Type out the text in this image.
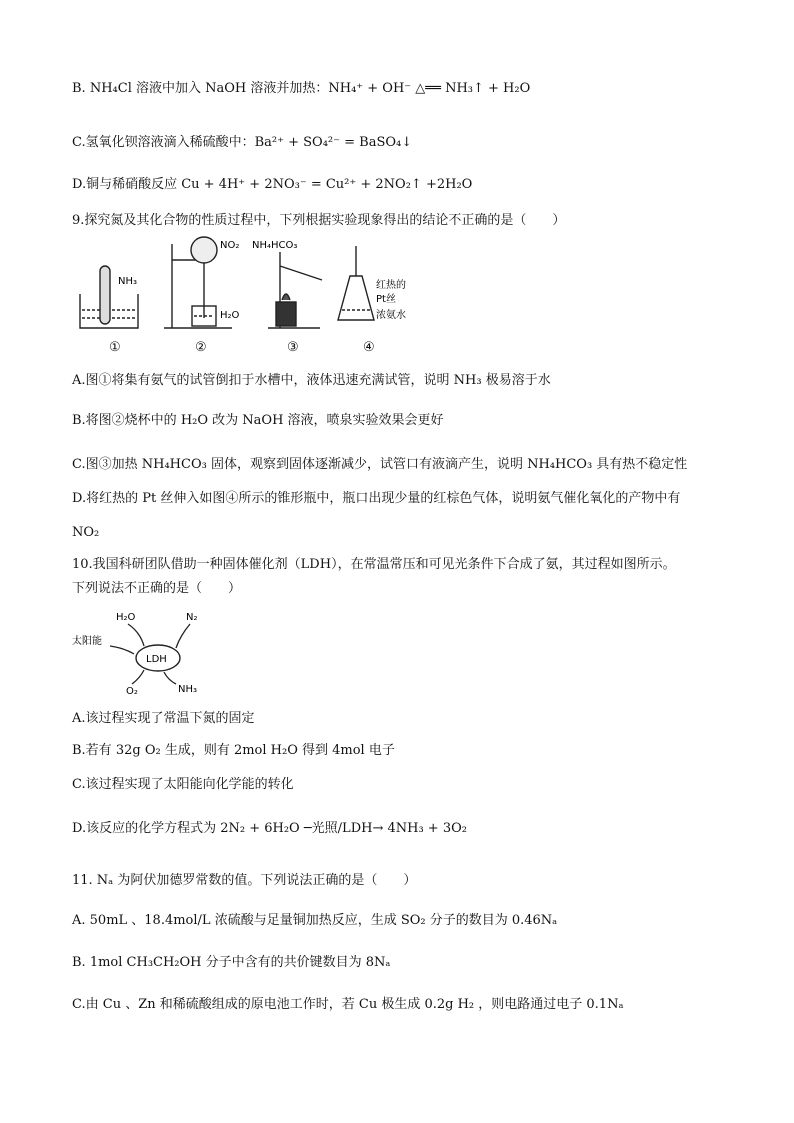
B. NH₄Cl 溶液中加入 NaOH 溶液并加热：NH₄⁺ + OH⁻ △══ NH₃↑ + H₂O
C.氢氧化钡溶液滴入稀硫酸中：Ba²⁺ + SO₄²⁻ = BaSO₄↓
D.铜与稀硝酸反应 Cu + 4H⁺ + 2NO₃⁻ = Cu²⁺ + 2NO₂↑ +2H₂O
9.探究氮及其化合物的性质过程中，下列根据实验现象得出的结论不正确的是（　　）
NH₃
NO₂
H₂O
NH₄HCO₃
红热的
Pt丝
浓氨水
①	②	③	④
A.图①将集有氨气的试管倒扣于水槽中，液体迅速充满试管，说明 NH₃ 极易溶于水
B.将图②烧杯中的 H₂O 改为 NaOH 溶液，喷泉实验效果会更好
C.图③加热 NH₄HCO₃ 固体，观察到固体逐渐减少，试管口有液滴产生，说明 NH₄HCO₃ 具有热不稳定性
D.将红热的 Pt 丝伸入如图④所示的锥形瓶中，瓶口出现少量的红棕色气体，说明氨气催化氧化的产物中有
NO₂
10.我国科研团队借助一种固体催化剂（LDH），在常温常压和可见光条件下合成了氨，其过程如图所示。
下列说法不正确的是（　　）
LDH
太阳能
H₂O	N₂
O₂	NH₃
A.该过程实现了常温下氮的固定
B.若有 32g O₂ 生成，则有 2mol H₂O 得到 4mol 电子
C.该过程实现了太阳能向化学能的转化
D.该反应的化学方程式为 2N₂ + 6H₂O ─光照/LDH→ 4NH₃ + 3O₂
11. Nₐ 为阿伏加德罗常数的值。下列说法正确的是（　　）
A. 50mL 、18.4mol/L 浓硫酸与足量铜加热反应，生成 SO₂ 分子的数目为 0.46Nₐ
B. 1mol CH₃CH₂OH 分子中含有的共价键数目为 8Nₐ
C.由 Cu 、Zn 和稀硫酸组成的原电池工作时，若 Cu 极生成 0.2g H₂ ，则电路通过电子 0.1Nₐ
